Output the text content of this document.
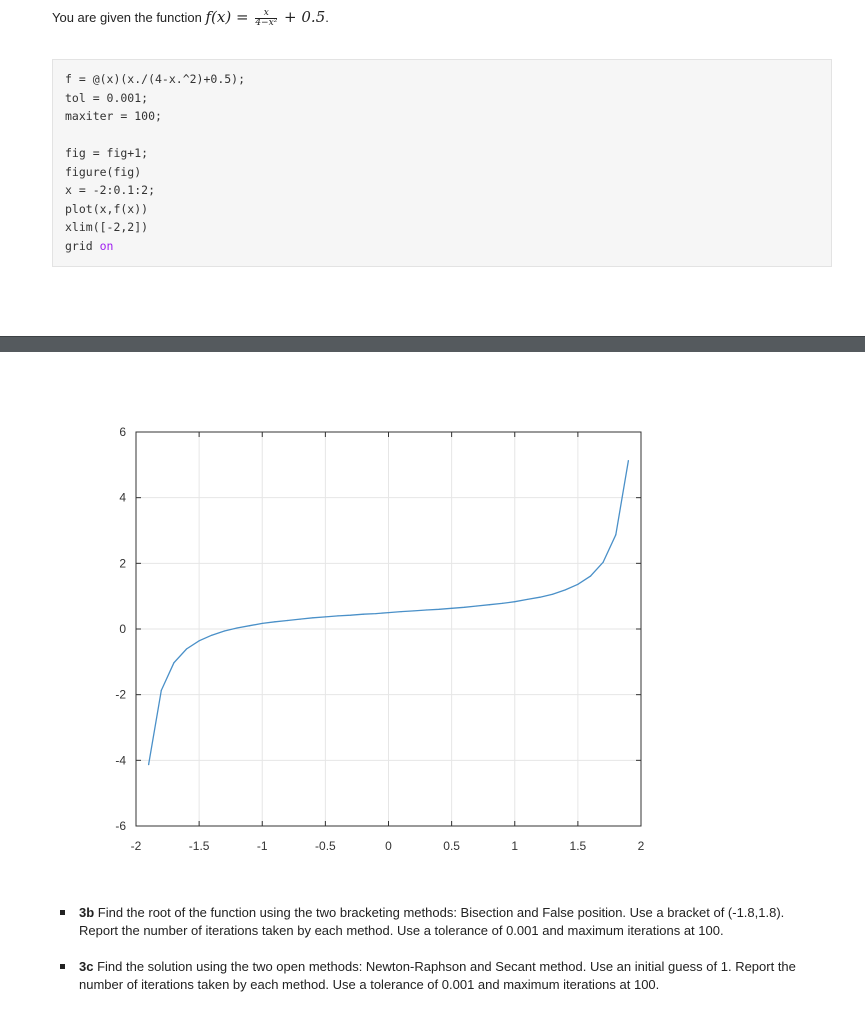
You are given the function $f(x) = \frac{x}{\text{4−x²}} + 0.5$.
f = @(x)(x./(4-x.^2)+0.5);
tol = 0.001;
maxiter = 100;
fig = fig+1;
figure(fig)
x = -2:0.1:2;
plot(x,f(x))
xlim([-2,2])
grid on
-2	-1.5	-1	-0.5	0	0.5	1	1.5	2
-6
-4
-2
0
2
4
6
3b Find the root of the function using the two bracketing methods: Bisection and False position. Use a bracket of (-1.8,1.8). Report the number of iterations taken by each method. Use a tolerance of 0.001 and maximum iterations at 100.
3c Find the solution using the two open methods: Newton-Raphson and Secant method. Use an initial guess of 1. Report the number of iterations taken by each method. Use a tolerance of 0.001 and maximum iterations at 100.
